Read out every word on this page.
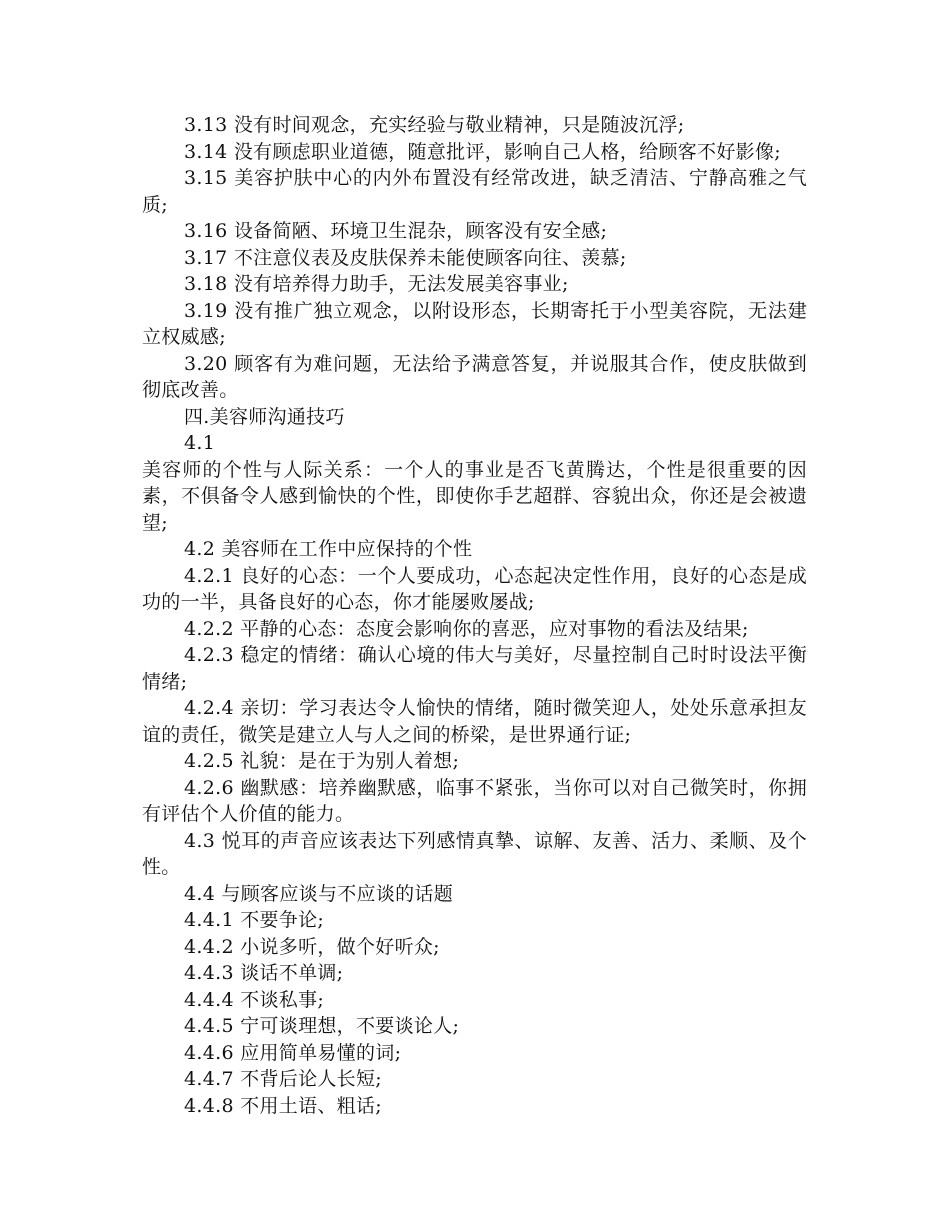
3.13 没有时间观念，充实经验与敬业精神，只是随波沉浮;

3.14 没有顾虑职业道德，随意批评，影响自己人格，给顾客不好影像;

3.15 美容护肤中心的内外布置没有经常改进，缺乏清洁、宁静高雅之气质;

3.16 设备简陋、环境卫生混杂，顾客没有安全感;

3.17 不注意仪表及皮肤保养未能使顾客向往、羡慕;

3.18 没有培养得力助手，无法发展美容事业;

3.19 没有推广独立观念，以附设形态，长期寄托于小型美容院，无法建立权威感;

3.20 顾客有为难问题，无法给予满意答复，并说服其合作，使皮肤做到彻底改善。

四.美容师沟通技巧

4.1

美容师的个性与人际关系：一个人的事业是否飞黄腾达，个性是很重要的因素，不俱备令人感到愉快的个性，即使你手艺超群、容貌出众，你还是会被遗望;

4.2 美容师在工作中应保持的个性

4.2.1 良好的心态：一个人要成功，心态起决定性作用，良好的心态是成功的一半，具备良好的心态，你才能屡败屡战;

4.2.2 平静的心态：态度会影响你的喜恶，应对事物的看法及结果;

4.2.3 稳定的情绪：确认心境的伟大与美好，尽量控制自己时时设法平衡情绪;

4.2.4 亲切：学习表达令人愉快的情绪，随时微笑迎人，处处乐意承担友谊的责任，微笑是建立人与人之间的桥梁，是世界通行证;

4.2.5 礼貌：是在于为别人着想;

4.2.6 幽默感：培养幽默感，临事不紧张，当你可以对自己微笑时，你拥有评估个人价值的能力。

4.3 悦耳的声音应该表达下列感情真摯、谅解、友善、活力、柔顺、及个性。

4.4 与顾客应谈与不应谈的话题

4.4.1 不要争论;

4.4.2 小说多听，做个好听众;

4.4.3 谈话不单调;

4.4.4 不谈私事;

4.4.5 宁可谈理想，不要谈论人;

4.4.6 应用简单易懂的词;

4.4.7 不背后论人长短;

4.4.8 不用土语、粗话;
